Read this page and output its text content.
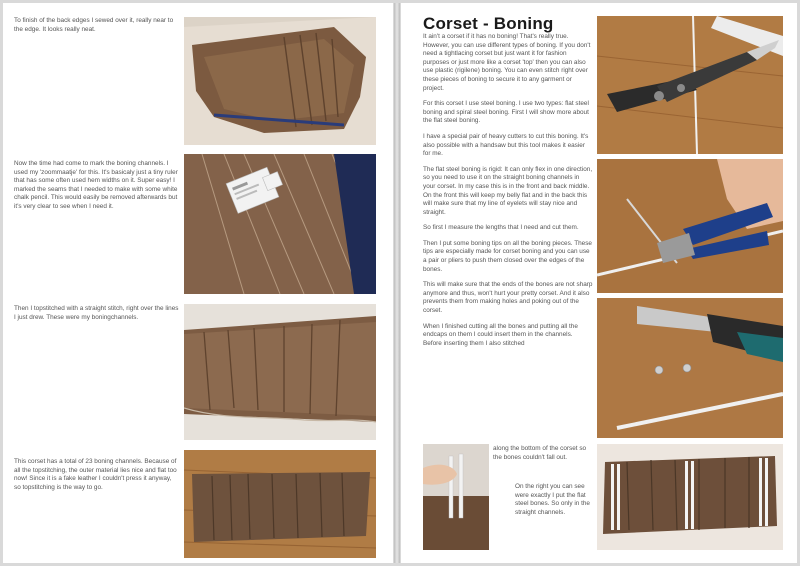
To finish of the back edges I sewed over it, really near to the edge. It looks really neat.
Now the time had come to mark the boning channels. I used my 'zoommaatje' for this. It's basicaly just a tiny ruler that has some often used hem widths on it. Super easy! I marked the seams that I needed to make with some white chalk pencil. This would easily be removed afterwards but it's very clear to see when I need it.
Then I topstitched with a straight stitch, right over the lines I just drew. These were my boningchannels.
This corset has a total of 23 boning channels. Because of all the topstitching, the outer material lies nice and flat too now! Since it is a fake leather I couldn't press it anyway, so topstitching is the way to go.
Corset - Boning
It ain't a corset if it has no boning! That's really true. However, you can use different types of boning. If you don't need a tightlacing corset but just want it for fashion purposes or just more like a corset 'top' then you can also use plastic (rigilene) boning. You can even stitch right over these pieces of boning to secure it to any garment or project.
For this corset I use steel boning. I use two types: flat steel boning and spiral steel boning. First I will show more about the flat steel boning.
I have a special pair of heavy cutters to cut this boning. It's also possible with a handsaw but this tool makes it easier for me.
The flat steel boning is rigid: It can only flex in one direction, so you need to use it on the straight boning channels in your corset. In my case this is in the front and back middle. On the front this will keep my belly flat and in the back this will make sure that my line of eyelets will stay nice and straight.
So first I measure the lengths that I need and cut them.
Then I put some boning tips on all the boning pieces. These tips are especially made for corset boning and you can use a pair or pliers to push them closed over the edges of the bones.
This will make sure that the ends of the bones are not sharp anymore and thus, won't hurt your pretty corset. And it also prevents them from making holes and poking out of the corset.
When I finished cutting all the bones and putting all the endcaps on them I could insert them in the channels. Before inserting them I also stitched
along the bottom of the corset so the bones couldn't fall out.
On the right you can see were exactly I put the flat steel bones. So only in the straight channels.
